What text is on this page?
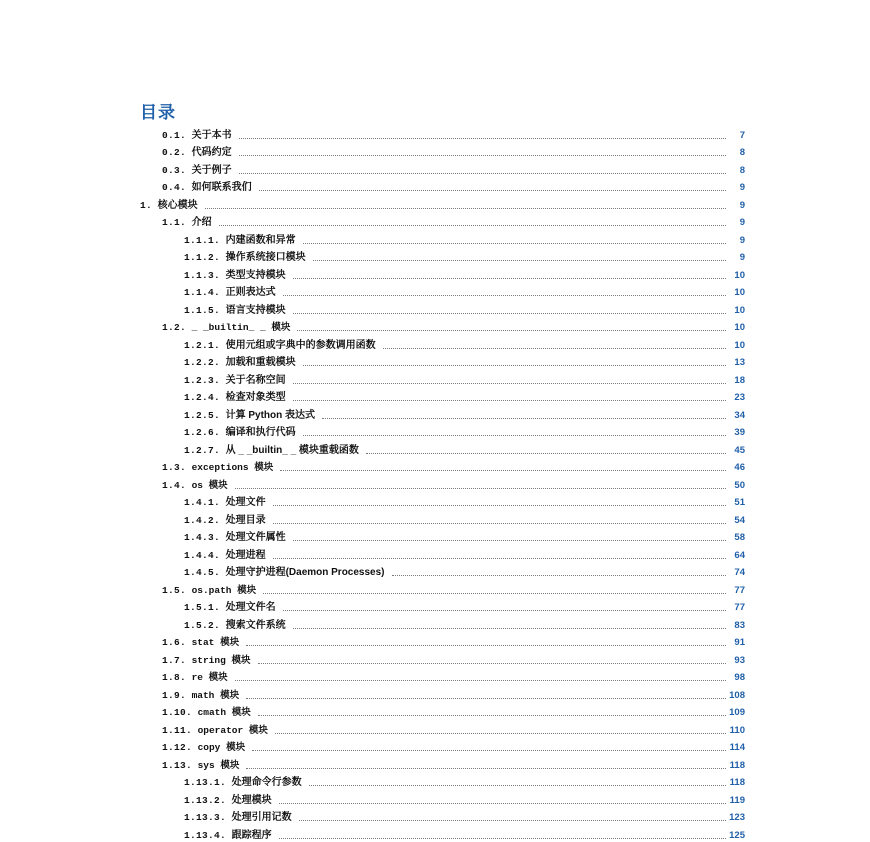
目录
0.1. 关于本书	7
0.2. 代码约定	8
0.3. 关于例子	8
0.4. 如何联系我们	9
1. 核心模块	9
1.1. 介绍	9
1.1.1. 内建函数和异常	9
1.1.2. 操作系统接口模块	9
1.1.3. 类型支持模块	10
1.1.4. 正则表达式	10
1.1.5. 语言支持模块	10
1.2. _ _builtin_ _ 模块	10
1.2.1. 使用元组或字典中的参数调用函数	10
1.2.2. 加载和重载模块	13
1.2.3. 关于名称空间	18
1.2.4. 检查对象类型	23
1.2.5. 计算 Python 表达式	34
1.2.6. 编译和执行代码	39
1.2.7. 从 _ _builtin_ _ 模块重载函数	45
1.3. exceptions 模块	46
1.4. os 模块	50
1.4.1. 处理文件	51
1.4.2. 处理目录	54
1.4.3. 处理文件属性	58
1.4.4. 处理进程	64
1.4.5. 处理守护进程(Daemon Processes)	74
1.5. os.path 模块	77
1.5.1. 处理文件名	77
1.5.2. 搜索文件系统	83
1.6. stat 模块	91
1.7. string 模块	93
1.8. re 模块	98
1.9. math 模块	108
1.10. cmath 模块	109
1.11. operator 模块	110
1.12. copy 模块	114
1.13. sys 模块	118
1.13.1. 处理命令行参数	118
1.13.2. 处理模块	119
1.13.3. 处理引用记数	123
1.13.4. 跟踪程序	125
